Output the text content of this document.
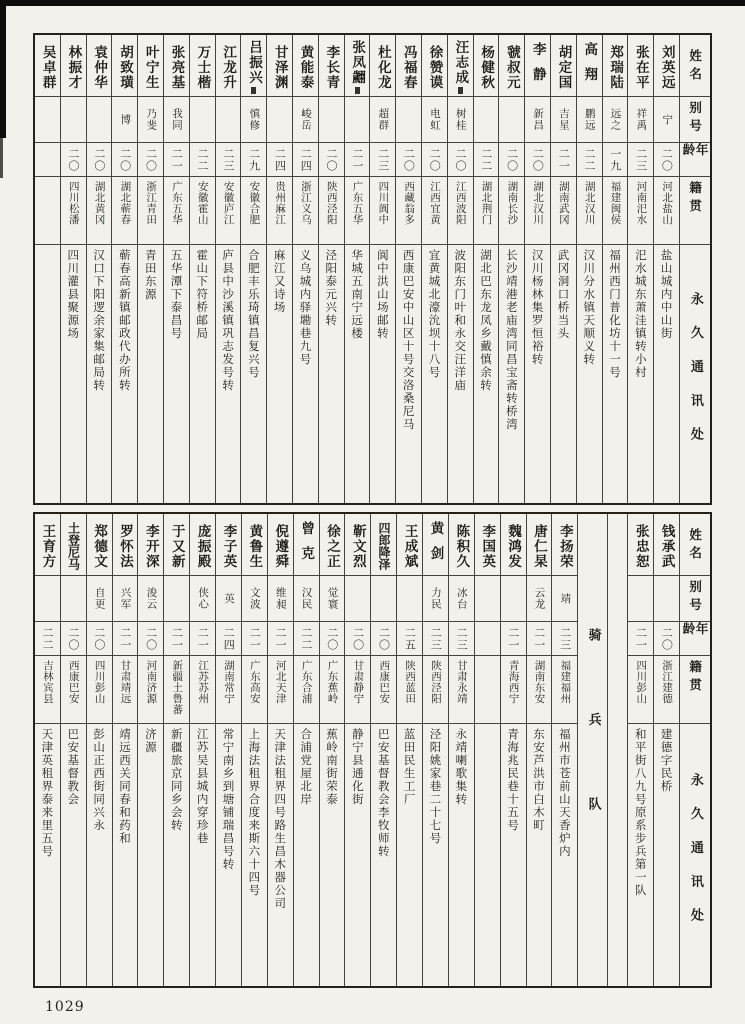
姓名
别号
年龄
籍贯
永久通讯处
刘英远
宁
二〇
河北盐山
盐山城内中山街
张在平
祥禹
二三
河南汜水
汜水城东萧洼镇转小村
郑瑞陆
远之
一九
福建闽侯
福州西门普化坊十一号
高翔
鹏远
二二
湖北汉川
汉川分水镇天顺义转
胡定国
吉星
二一
湖南武冈
武冈洞口桥当头
李静
新昌
二〇
湖北汉川
汉川杨林集罗恒裕转
虢叔元
二〇
湖南长沙
长沙靖港老庙湾同昌宝斋转桥湾
杨健秋
二二
湖北荆门
湖北巴东龙凤乡戴慎余转
汪志成
树桂
二〇
江西波阳
波阳东门叶和永交汪洋庙
徐赞谟
电虹
二〇
江西宜黄
宜黄城北濠沇坝十八号
冯福春
二〇
西藏翁多
西康巴安中山区十号交洛桑尼马
杜化龙
超群
二三
四川阆中
阆中洪山场邮转
张凤翽
二一
广东五华
华城五南宁远楼
李长青
二〇
陕西泾阳
泾阳泰元兴转
黄能泰
峻岳
二四
浙江义乌
义乌城内驿墈巷九号
甘泽渊
二四
贵州麻江
麻江又诗场
吕振兴
慎修
二九
安徽合肥
合肥丰乐琦镇昌复兴号
江龙升
二三
安徽庐江
庐县中沙溪镇巩志发号转
万士楷
二二
安徽霍山
霍山下符桥邮局
张亮基
我同
二一
广东五华
五华潭下泰昌号
叶宁生
乃斐
二〇
浙江青田
青田东源
胡致璜
博
二〇
湖北蕲春
蕲春高新镇邮政代办所转
袁仲华
二〇
湖北黄冈
汉口下阳逻余家集邮局转
林振才
二〇
四川松潘
四川灌县聚源场
吴卓群
姓名
别号
年龄
籍贯
永久通讯处
钱承武
二〇
浙江建德
建德字民桥
张忠恕
二一
四川彭山
和平街八九号原系步兵第一队
骑兵队
李扬荣
靖
二三
福建福州
福州市苍前山天香炉内
唐仁杲
云龙
二一
湖南东安
东安芦洪市白木町
魏鸿发
二一
青海西宁
青海兆民巷十五号
李国英
陈积久
冰台
二三
甘肃永靖
永靖喇歌集转
黄剑
力民
二三
陕西泾阳
泾阳姚家巷二十七号
王成斌
二五
陕西蓝田
蓝田民生工厂
四郎降泽
二〇
西康巴安
巴安基督教会李牧师转
靳文烈
二〇
甘肃静宁
静宁县通化街
徐之正
觉寰
二〇
广东蕉岭
蕉岭南街荣泰
曾克
汉民
二二
广东合浦
合浦党屋北岸
倪遵舜
维昶
二一
河北天津
天津法租界四号路生昌木器公司
黄鲁生
文波
二一
广东高安
上海法租界合度来斯六十四号
李子英
英
二四
湖南常宁
常宁南乡到塘铺瑞昌号转
庞振殿
侠心
二一
江苏苏州
江苏吴县城内穿珍巷
于又新
二一
新疆土鲁蕃
新疆旅京同乡会转
李开深
浚云
二〇
河南济源
济源
罗怀法
兴军
二一
甘肃靖远
靖远西关同春和药和
郑德文
自更
二〇
四川彭山
彭山正西街同兴永
土登尼马
二〇
西康巴安
巴安基督教会
王育方
二二
吉林宾县
天津英租界泰来里五号
1029
